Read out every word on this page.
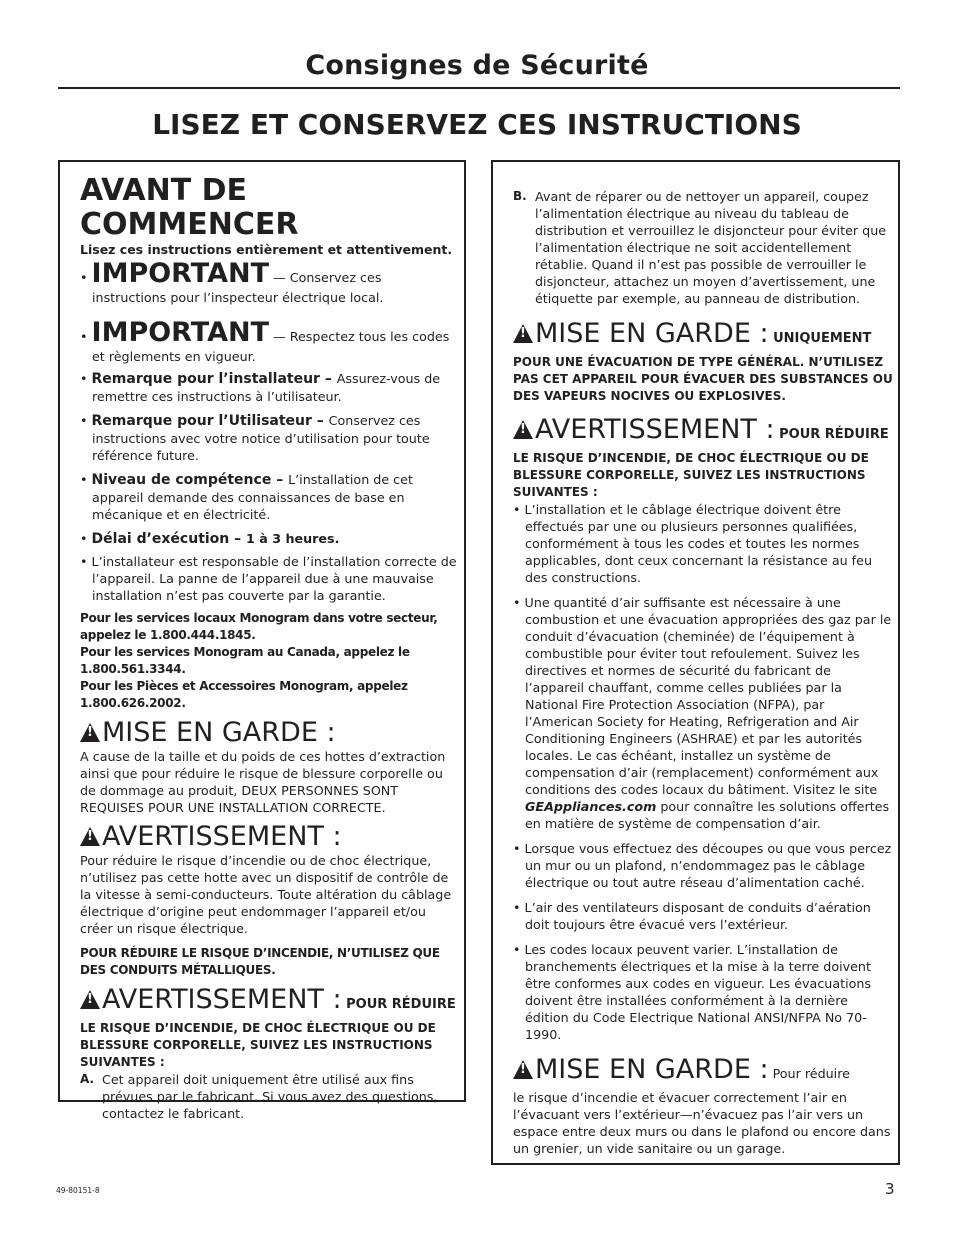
Consignes de Sécurité
LISEZ ET CONSERVEZ CES INSTRUCTIONS

AVANT DE COMMENCER

Lisez ces instructions entièrement et attentivement.

• IMPORTANT — Conservez ces instructions pour l’inspecteur électrique local.

• IMPORTANT — Respectez tous les codes et règlements en vigueur.

• Remarque pour l’installateur – Assurez-vous de remettre ces instructions à l’utilisateur.

• Remarque pour l’Utilisateur – Conservez ces instructions avec votre notice d’utilisation pour toute référence future.

• Niveau de compétence – L’installation de cet appareil demande des connaissances de base en mécanique et en électricité.

• Délai d’exécution – 1 à 3 heures.

• L’installateur est responsable de l’installation correcte de l’appareil. La panne de l’appareil due à une mauvaise installation n’est pas couverte par la garantie.

Pour les services locaux Monogram dans votre secteur, appelez le 1.800.444.1845.

Pour les services Monogram au Canada, appelez le 1.800.561.3344.

Pour les Pièces et Accessoires Monogram, appelez 1.800.626.2002.

!MISE EN GARDE :

A cause de la taille et du poids de ces hottes d’extraction ainsi que pour réduire le risque de blessure corporelle ou de dommage au produit, DEUX PERSONNES SONT REQUISES POUR UNE INSTALLATION CORRECTE.

!AVERTISSEMENT :

Pour réduire le risque d’incendie ou de choc électrique, n’utilisez pas cette hotte avec un dispositif de contrôle de la vitesse à semi-conducteurs. Toute altération du câblage électrique d’origine peut endommager l’appareil et/ou créer un risque électrique.

POUR RÉDUIRE LE RISQUE D’INCENDIE, N’UTILISEZ QUE DES CONDUITS MÉTALLIQUES.

!AVERTISSEMENT : POUR RÉDUIRE

LE RISQUE D’INCENDIE, DE CHOC ÉLECTRIQUE OU DE BLESSURE CORPORELLE, SUIVEZ LES INSTRUCTIONS SUIVANTES :

A. Cet appareil doit uniquement être utilisé aux fins prévues par le fabricant. Si vous avez des questions, contactez le fabricant.
B. Avant de réparer ou de nettoyer un appareil, coupez l’alimentation électrique au niveau du tableau de distribution et verrouillez le disjoncteur pour éviter que l’alimentation électrique ne soit accidentellement rétablie. Quand il n’est pas possible de verrouiller le disjoncteur, attachez un moyen d’avertissement, une étiquette par exemple, au panneau de distribution.

!MISE EN GARDE : UNIQUEMENT

POUR UNE ÉVACUATION DE TYPE GÉNÉRAL. N’UTILISEZ PAS CET APPAREIL POUR ÉVACUER DES SUBSTANCES OU DES VAPEURS NOCIVES OU EXPLOSIVES.

!AVERTISSEMENT : POUR RÉDUIRE

LE RISQUE D’INCENDIE, DE CHOC ÉLECTRIQUE OU DE BLESSURE CORPORELLE, SUIVEZ LES INSTRUCTIONS SUIVANTES :

• L’installation et le câblage électrique doivent être effectués par une ou plusieurs personnes qualifiées, conformément à tous les codes et toutes les normes applicables, dont ceux concernant la résistance au feu des constructions.

• Une quantité d’air suffisante est nécessaire à une combustion et une évacuation appropriées des gaz par le conduit d’évacuation (cheminée) de l’équipement à combustible pour éviter tout refoulement. Suivez les directives et normes de sécurité du fabricant de l’appareil chauffant, comme celles publiées par la National Fire Protection Association (NFPA), par l’American Society for Heating, Refrigeration and Air Conditioning Engineers (ASHRAE) et par les autorités locales. Le cas échéant, installez un système de compensation d’air (remplacement) conformément aux conditions des codes locaux du bâtiment. Visitez le site GEAppliances.com pour connaître les solutions offertes en matière de système de compensation d’air.

• Lorsque vous effectuez des découpes ou que vous percez un mur ou un plafond, n’endommagez pas le câblage électrique ou tout autre réseau d’alimentation caché.

• L’air des ventilateurs disposant de conduits d’aération doit toujours être évacué vers l’extérieur.

• Les codes locaux peuvent varier. L’installation de branchements électriques et la mise à la terre doivent être conformes aux codes en vigueur. Les évacuations doivent être installées conformément à la dernière édition du Code Electrique National ANSI/NFPA No 70-1990.

!MISE EN GARDE : Pour réduire

le risque d’incendie et évacuer correctement l’air en l’évacuant vers l’extérieur—n’évacuez pas l’air vers un espace entre deux murs ou dans le plafond ou encore dans un grenier, un vide sanitaire ou un garage.

49-80151-8	3
